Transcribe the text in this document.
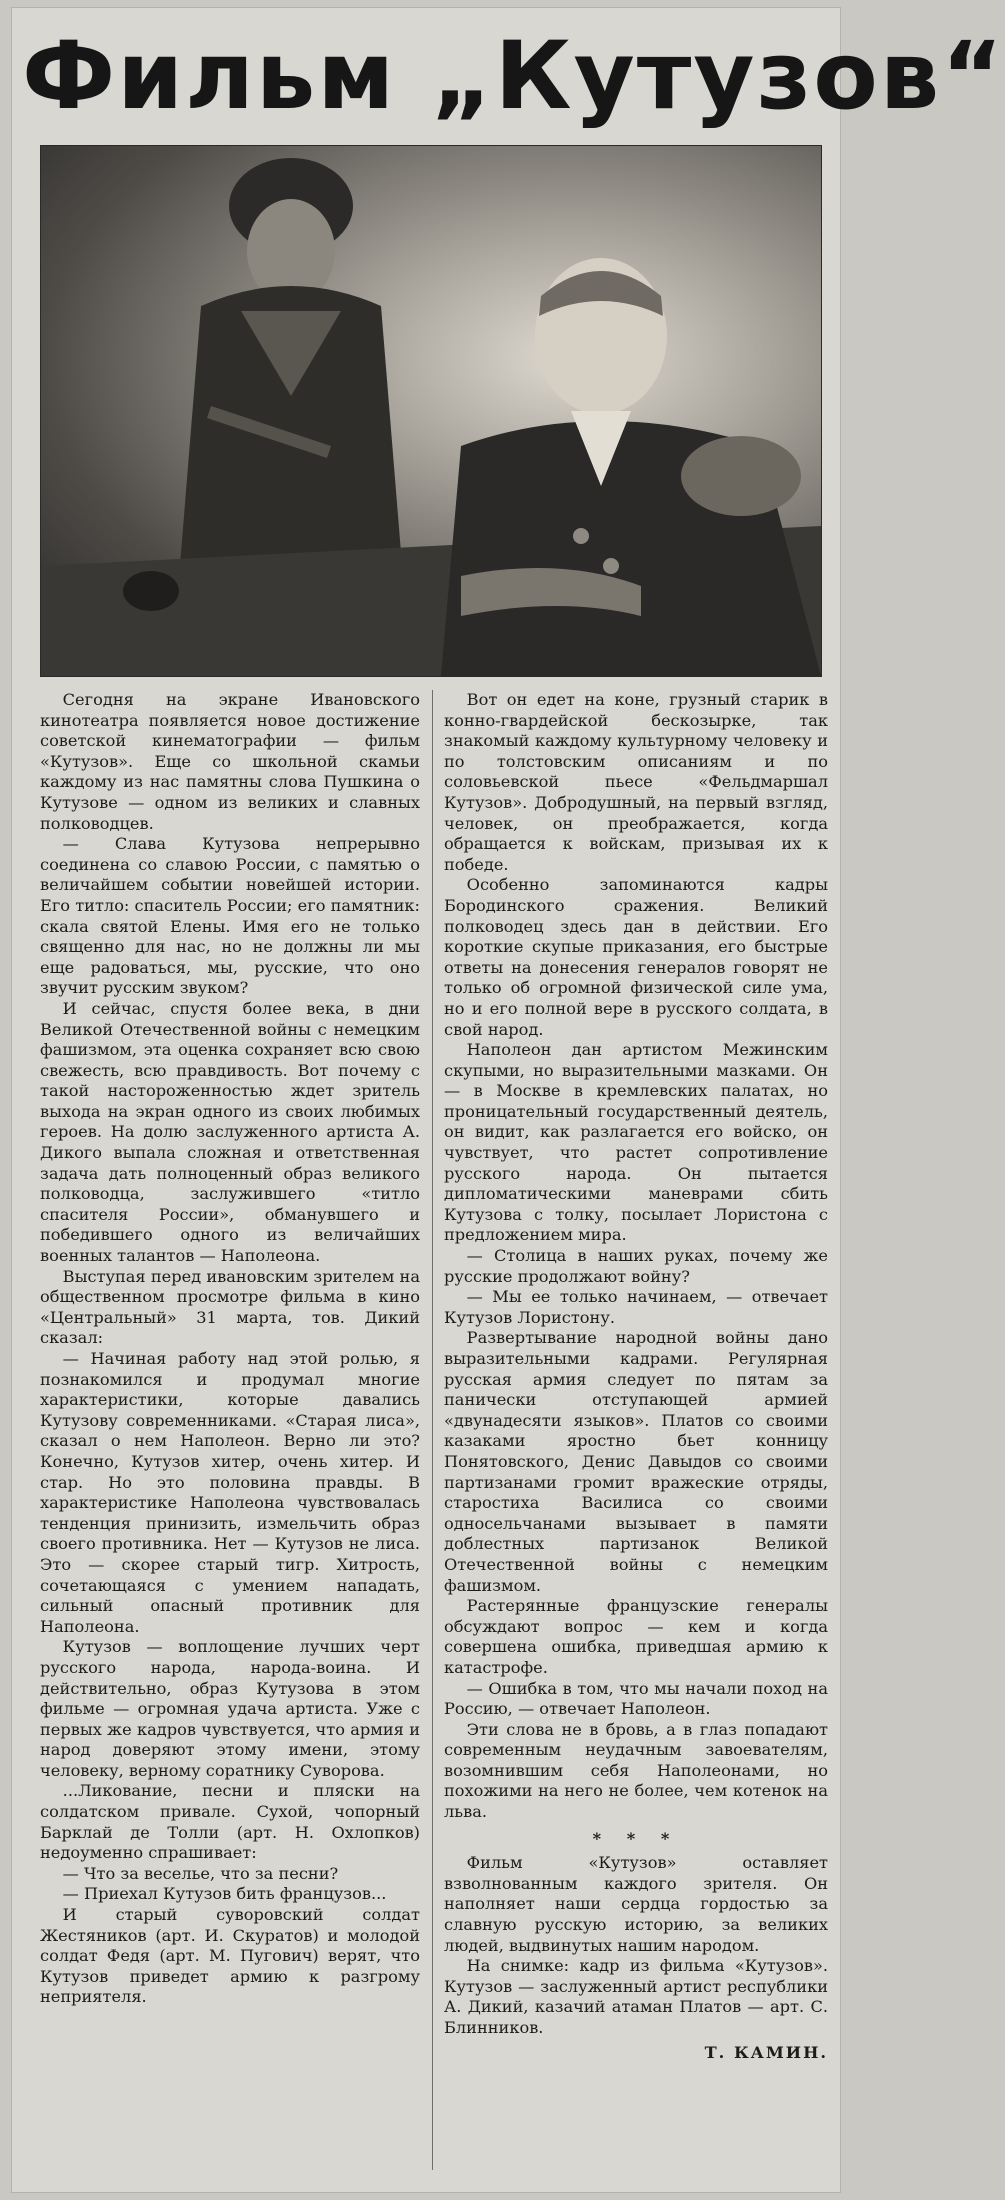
Фильм „Кутузов“

Сегодня на экране Ивановского кинотеатра появляется новое достижение советской кинематографии — фильм «Кутузов». Еще со школьной скамьи каждому из нас памятны слова Пушкина о Кутузове — одном из великих и славных полководцев.

— Слава Кутузова непрерывно соединена со славою России, с памятью о величайшем событии новейшей истории. Его титло: спаситель России; его памятник: скала святой Елены. Имя его не только священно для нас, но не должны ли мы еще радоваться, мы, русские, что оно звучит русским звуком?

И сейчас, спустя более века, в дни Великой Отечественной войны с немецким фашизмом, эта оценка сохраняет всю свою свежесть, всю правдивость. Вот почему с такой настороженностью ждет зритель выхода на экран одного из своих любимых героев. На долю заслуженного артиста А. Дикого выпала сложная и ответственная задача дать полноценный образ великого полководца, заслужившего «титло спасителя России», обманувшего и победившего одного из величайших военных талантов — Наполеона.

Выступая перед ивановским зрителем на общественном просмотре фильма в кино «Центральный» 31 марта, тов. Дикий сказал:

— Начиная работу над этой ролью, я познакомился и продумал многие характеристики, которые давались Кутузову современниками. «Старая лиса», сказал о нем Наполеон. Верно ли это? Конечно, Кутузов хитер, очень хитер. И стар. Но это половина правды. В характеристике Наполеона чувствовалась тенденция принизить, измельчить образ своего противника. Нет — Кутузов не лиса. Это — скорее старый тигр. Хитрость, сочетающаяся с умением нападать, сильный опасный противник для Наполеона.

Кутузов — воплощение лучших черт русского народа, народа-воина. И действительно, образ Кутузова в этом фильме — огромная удача артиста. Уже с первых же кадров чувствуется, что армия и народ доверяют этому имени, этому человеку, верному соратнику Суворова.

...Ликование, песни и пляски на солдатском привале. Сухой, чопорный Барклай де Толли (арт. Н. Охлопков) недоуменно спрашивает:

— Что за веселье, что за песни?

— Приехал Кутузов бить французов...

И старый суворовский солдат Жестяников (арт. И. Скуратов) и молодой солдат Федя (арт. М. Пугович) верят, что Кутузов приведет армию к разгрому неприятеля.

Вот он едет на коне, грузный старик в конно-гвардейской бескозырке, так знакомый каждому культурному человеку и по толстовским описаниям и по соловьевской пьесе «Фельдмаршал Кутузов». Добродушный, на первый взгляд, человек, он преображается, когда обращается к войскам, призывая их к победе.

Особенно запоминаются кадры Бородинского сражения. Великий полководец здесь дан в действии. Его короткие скупые приказания, его быстрые ответы на донесения генералов говорят не только об огромной физической силе ума, но и его полной вере в русского солдата, в свой народ.

Наполеон дан артистом Межинским скупыми, но выразительными мазками. Он — в Москве в кремлевских палатах, но проницательный государственный деятель, он видит, как разлагается его войско, он чувствует, что растет сопротивление русского народа. Он пытается дипломатическими маневрами сбить Кутузова с толку, посылает Лористона с предложением мира.

— Столица в наших руках, почему же русские продолжают войну?

— Мы ее только начинаем, — отвечает Кутузов Лористону.

Развертывание народной войны дано выразительными кадрами. Регулярная русская армия следует по пятам за панически отступающей армией «двунадесяти языков». Платов со своими казаками яростно бьет конницу Понятовского, Денис Давыдов со своими партизанами громит вражеские отряды, старостиха Василиса со своими односельчанами вызывает в памяти доблестных партизанок Великой Отечественной войны с немецким фашизмом.

Растерянные французские генералы обсуждают вопрос — кем и когда совершена ошибка, приведшая армию к катастрофе.

— Ошибка в том, что мы начали поход на Россию, — отвечает Наполеон.

Эти слова не в бровь, а в глаз попадают современным неудачным завоевателям, возомнившим себя Наполеонами, но похожими на него не более, чем котенок на льва.

* * *

Фильм «Кутузов» оставляет взволнованным каждого зрителя. Он наполняет наши сердца гордостью за славную русскую историю, за великих людей, выдвинутых нашим народом.

На снимке: кадр из фильма «Кутузов». Кутузов — заслуженный артист республики А. Дикий, казачий атаман Платов — арт. С. Блинников.

Т. КАМИН.
